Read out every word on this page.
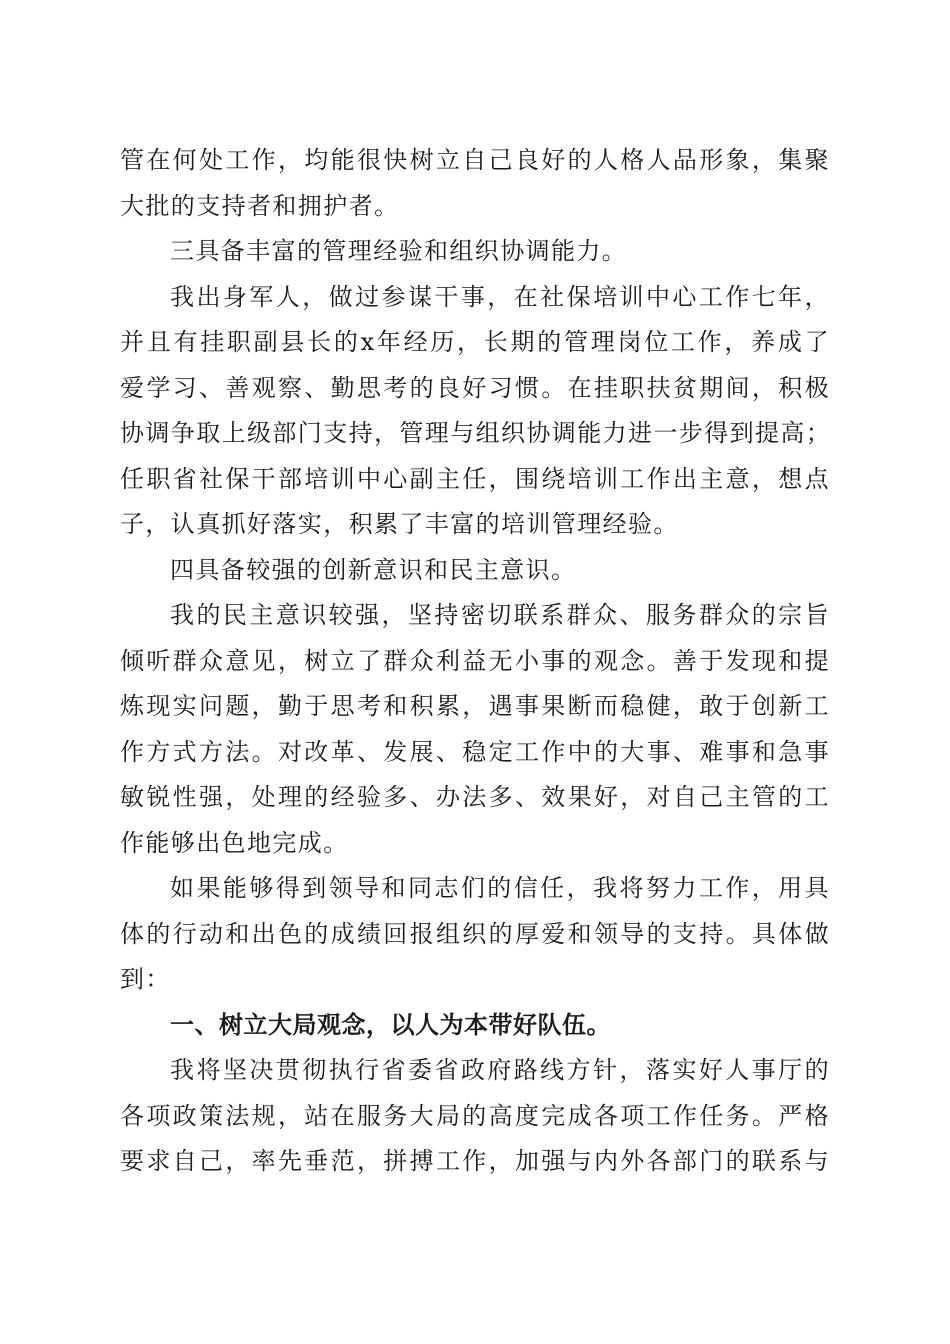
管在何处工作，均能很快树立自己良好的人格人品形象，集聚
大批的支持者和拥护者。
三具备丰富的管理经验和组织协调能力。
我出身军人，做过参谋干事，在社保培训中心工作七年，
并且有挂职副县长的x年经历，长期的管理岗位工作，养成了
爱学习、善观察、勤思考的良好习惯。在挂职扶贫期间，积极
协调争取上级部门支持，管理与组织协调能力进一步得到提高；
任职省社保干部培训中心副主任，围绕培训工作出主意，想点
子，认真抓好落实，积累了丰富的培训管理经验。
四具备较强的创新意识和民主意识。
我的民主意识较强，坚持密切联系群众、服务群众的宗旨
倾听群众意见，树立了群众利益无小事的观念。善于发现和提
炼现实问题，勤于思考和积累，遇事果断而稳健，敢于创新工
作方式方法。对改革、发展、稳定工作中的大事、难事和急事
敏锐性强，处理的经验多、办法多、效果好，对自己主管的工
作能够出色地完成。
如果能够得到领导和同志们的信任，我将努力工作，用具
体的行动和出色的成绩回报组织的厚爱和领导的支持。具体做
到：
一、树立大局观念，以人为本带好队伍。
我将坚决贯彻执行省委省政府路线方针，落实好人事厅的
各项政策法规，站在服务大局的高度完成各项工作任务。严格
要求自己，率先垂范，拼搏工作，加强与内外各部门的联系与
